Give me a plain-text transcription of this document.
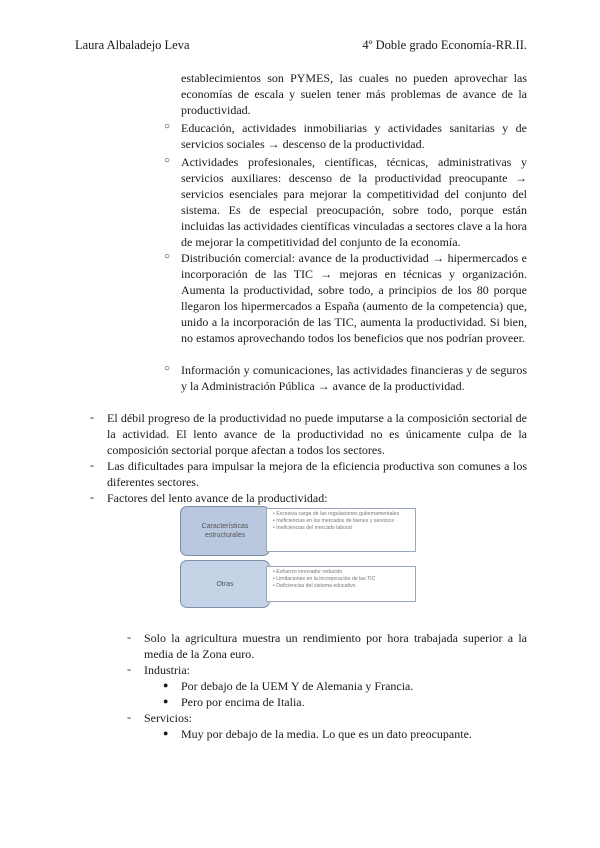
Laura Albaladejo Leva	4º Doble grado Economía-RR.II.
establecimientos son PYMES, las cuales no pueden aprovechar las economías de escala y suelen tener más problemas de avance de la productividad.
○ Educación, actividades inmobiliarias y actividades sanitarias y de servicios sociales → descenso de la productividad.
○ Actividades profesionales, científicas, técnicas, administrativas y servicios auxiliares: descenso de la productividad preocupante → servicios esenciales para mejorar la competitividad del conjunto del sistema. Es de especial preocupación, sobre todo, porque están incluidas las actividades científicas vinculadas a sectores clave a la hora de mejorar la competitividad del conjunto de la economía.
○ Distribución comercial: avance de la productividad → hipermercados e incorporación de las TIC → mejoras en técnicas y organización. Aumenta la productividad, sobre todo, a principios de los 80 porque llegaron los hipermercados a España (aumento de la competencia) que, unido a la incorporación de las TIC, aumenta la productividad. Si bien, no estamos aprovechando todos los beneficios que nos podrían proveer.
○ Información y comunicaciones, las actividades financieras y de seguros y la Administración Pública → avance de la productividad.
- El débil progreso de la productividad no puede imputarse a la composición sectorial de la actividad. El lento avance de la productividad no es únicamente culpa de la composición sectorial porque afectan a todos los sectores.
- Las dificultades para impulsar la mejora de la eficiencia productiva son comunes a los diferentes sectores.
- Factores del lento avance de la productividad:
Características estructurales
• Excesiva carga de las regulaciones gubernamentales
• Ineficiencias en los mercados de bienes y servicios
• Ineficiencias del mercado laboral
Otras
• Esfuerzo innovador reducido
• Limitaciones en la incorporación de las TIC
• Deficiencias del sistema educativo
- Solo la agricultura muestra un rendimiento por hora trabajada superior a la media de la Zona euro.
- Industria:
● Por debajo de la UEM Y de Alemania y Francia.
● Pero por encima de Italia.
- Servicios:
● Muy por debajo de la media. Lo que es un dato preocupante.
